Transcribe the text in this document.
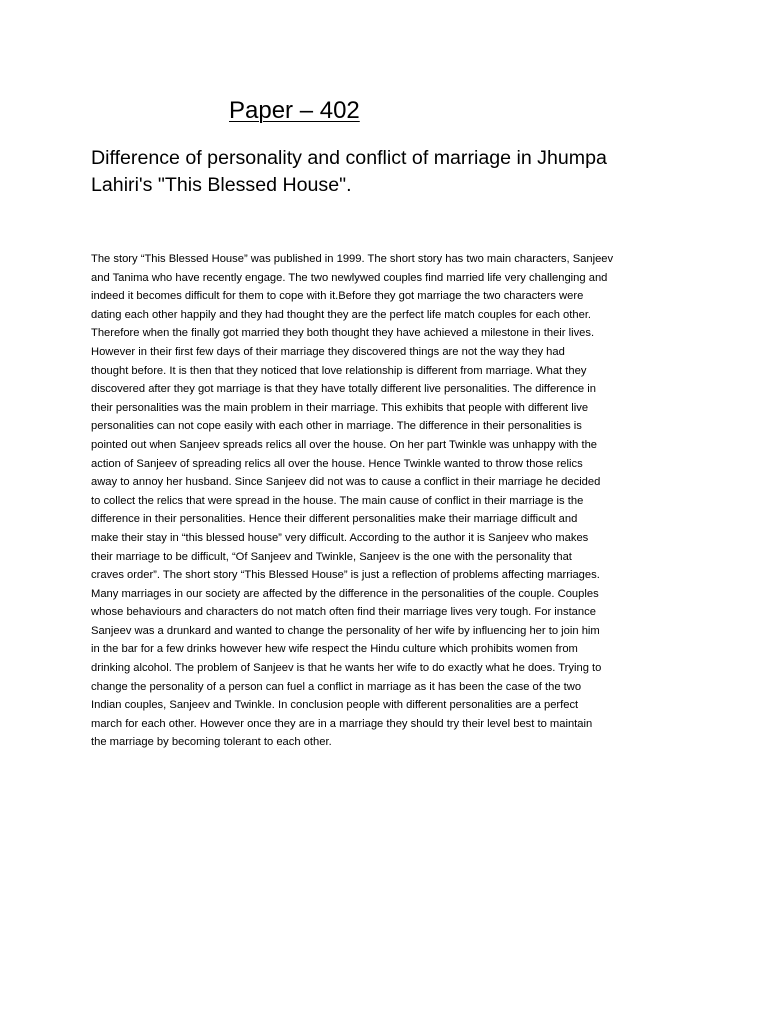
Paper – 402
Difference of personality and conflict of marriage in Jhumpa
Lahiri's "This Blessed House".
The story “This Blessed House” was published in 1999. The short story has two main characters, Sanjeev
and Tanima who have recently engage. The two newlywed couples find married life very challenging and
indeed it becomes difficult for them to cope with it.Before they got marriage the two characters were
dating each other happily and they had thought they are the perfect life match couples for each other.
Therefore when the finally got married they both thought they have achieved a milestone in their lives.
However in their first few days of their marriage they discovered things are not the way they had
thought before. It is then that they noticed that love relationship is different from marriage. What they
discovered after they got marriage is that they have totally different live personalities. The difference in
their personalities was the main problem in their marriage. This exhibits that people with different live
personalities can not cope easily with each other in marriage. The difference in their personalities is
pointed out when Sanjeev spreads relics all over the house. On her part Twinkle was unhappy with the
action of Sanjeev of spreading relics all over the house. Hence Twinkle wanted to throw those relics
away to annoy her husband. Since Sanjeev did not was to cause a conflict in their marriage he decided
to collect the relics that were spread in the house. The main cause of conflict in their marriage is the
difference in their personalities. Hence their different personalities make their marriage difficult and
make their stay in “this blessed house” very difficult. According to the author it is Sanjeev who makes
their marriage to be difficult, “Of Sanjeev and Twinkle, Sanjeev is the one with the personality that
craves order”. The short story “This Blessed House” is just a reflection of problems affecting marriages.
Many marriages in our society are affected by the difference in the personalities of the couple. Couples
whose behaviours and characters do not match often find their marriage lives very tough. For instance
Sanjeev was a drunkard and wanted to change the personality of her wife by influencing her to join him
in the bar for a few drinks however hew wife respect the Hindu culture which prohibits women from
drinking alcohol. The problem of Sanjeev is that he wants her wife to do exactly what he does. Trying to
change the personality of a person can fuel a conflict in marriage as it has been the case of the two
Indian couples, Sanjeev and Twinkle. In conclusion people with different personalities are a perfect
march for each other. However once they are in a marriage they should try their level best to maintain
the marriage by becoming tolerant to each other.
